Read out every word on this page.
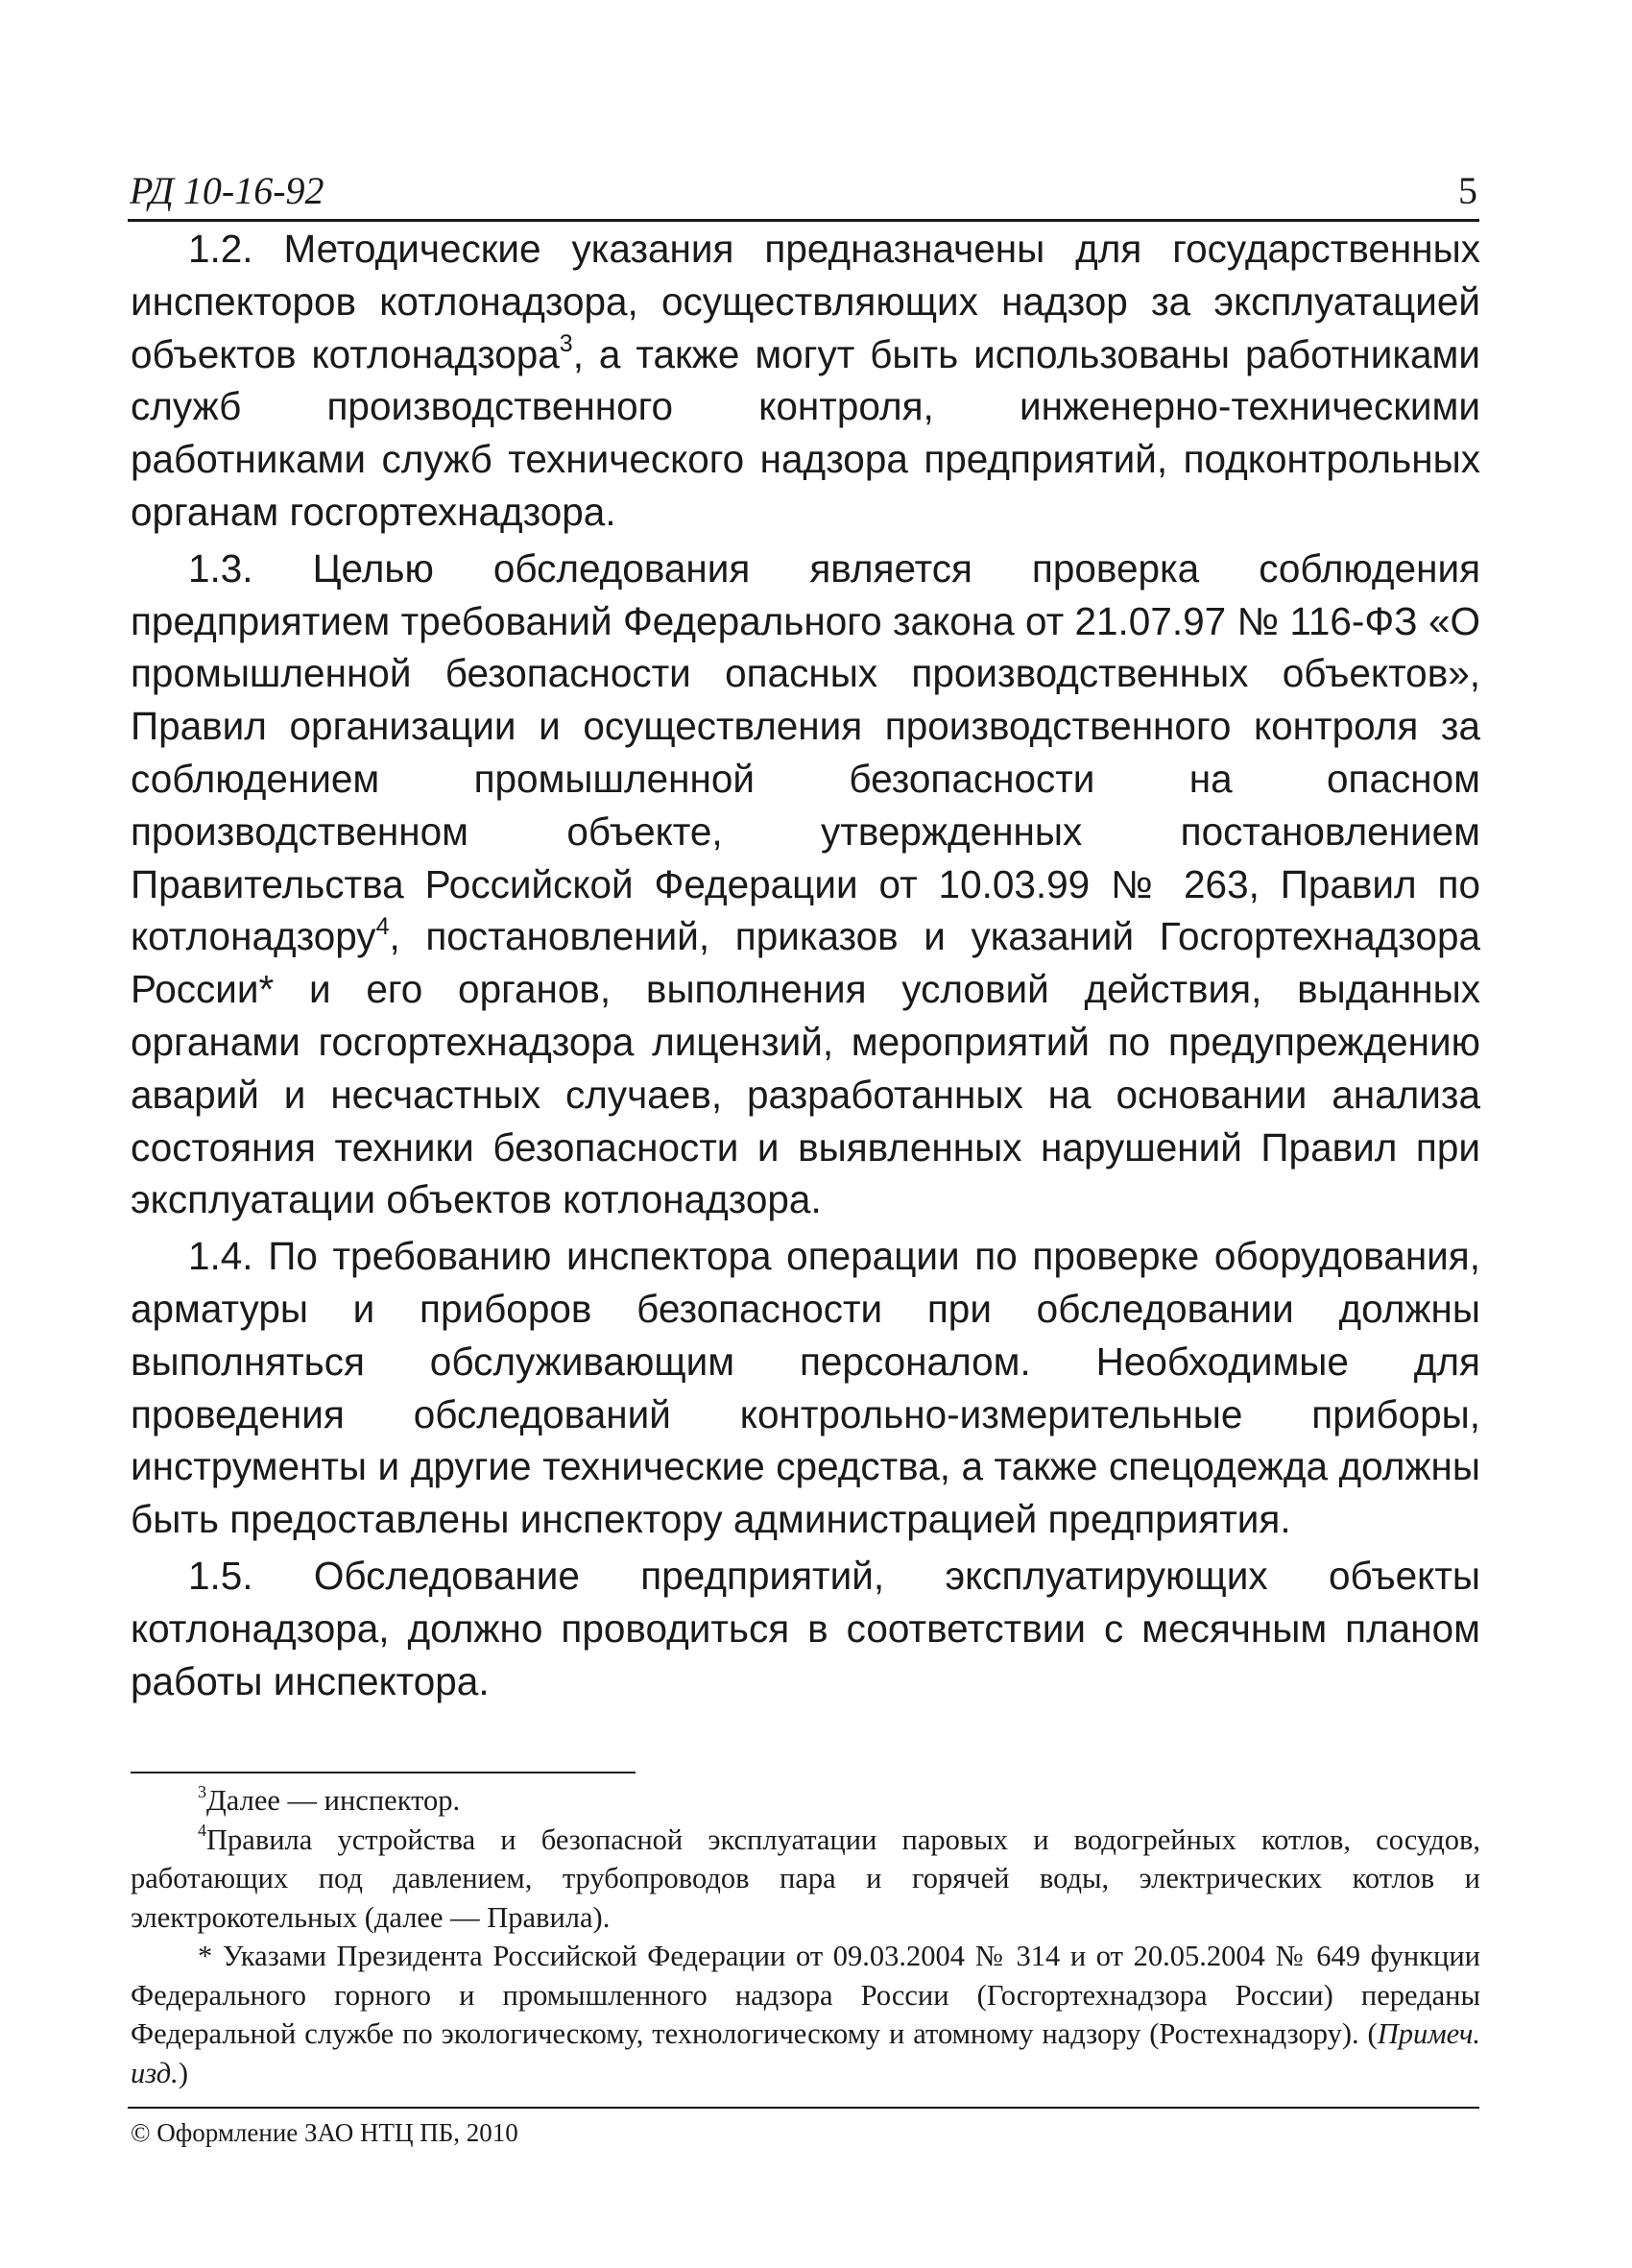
РД 10-16-92	5

1.2. Методические указания предназначены для государственных инспекторов котлонадзора, осуществляющих надзор за эксплуатацией объектов котлонадзора$^3$, а также могут быть использованы работниками служб производственного контроля, инженерно-техническими работниками служб технического надзора предприятий, подконтрольных органам госгортехнадзора.

1.3. Целью обследования является проверка соблюдения предприятием требований Федерального закона от 21.07.97 № 116-ФЗ «О промышленной безопасности опасных производственных объектов», Правил организации и осуществления производственного контроля за соблюдением промышленной безопасности на опасном производственном объекте, утвержденных постановлением Правительства Российской Федерации от 10.03.99 № 263, Правил по котлонадзору$^4$, постановлений, приказов и указаний Госгортехнадзора России* и его органов, выполнения условий действия, выданных органами госгортехнадзора лицензий, мероприятий по предупреждению аварий и несчастных случаев, разработанных на основании анализа состояния техники безопасности и выявленных нарушений Правил при эксплуатации объектов котлонадзора.

1.4. По требованию инспектора операции по проверке оборудования, арматуры и приборов безопасности при обследовании должны выполняться обслуживающим персоналом. Необходимые для проведения обследований контрольно-измерительные приборы, инструменты и другие технические средства, а также спецодежда должны быть предоставлены инспектору администрацией предприятия.

1.5. Обследование предприятий, эксплуатирующих объекты котлонадзора, должно проводиться в соответствии с месячным планом работы инспектора.

$^3$Далее — инспектор.

$^4$Правила устройства и безопасной эксплуатации паровых и водогрейных котлов, сосудов, работающих под давлением, трубопроводов пара и горячей воды, электрических котлов и электрокотельных (далее — Правила).

* Указами Президента Российской Федерации от 09.03.2004 № 314 и от 20.05.2004 № 649 функции Федерального горного и промышленного надзора России (Госгортехнадзора России) переданы Федеральной службе по экологическому, технологическому и атомному надзору (Ростехнадзору). (Примеч. изд.)

© Оформление ЗАО НТЦ ПБ, 2010
